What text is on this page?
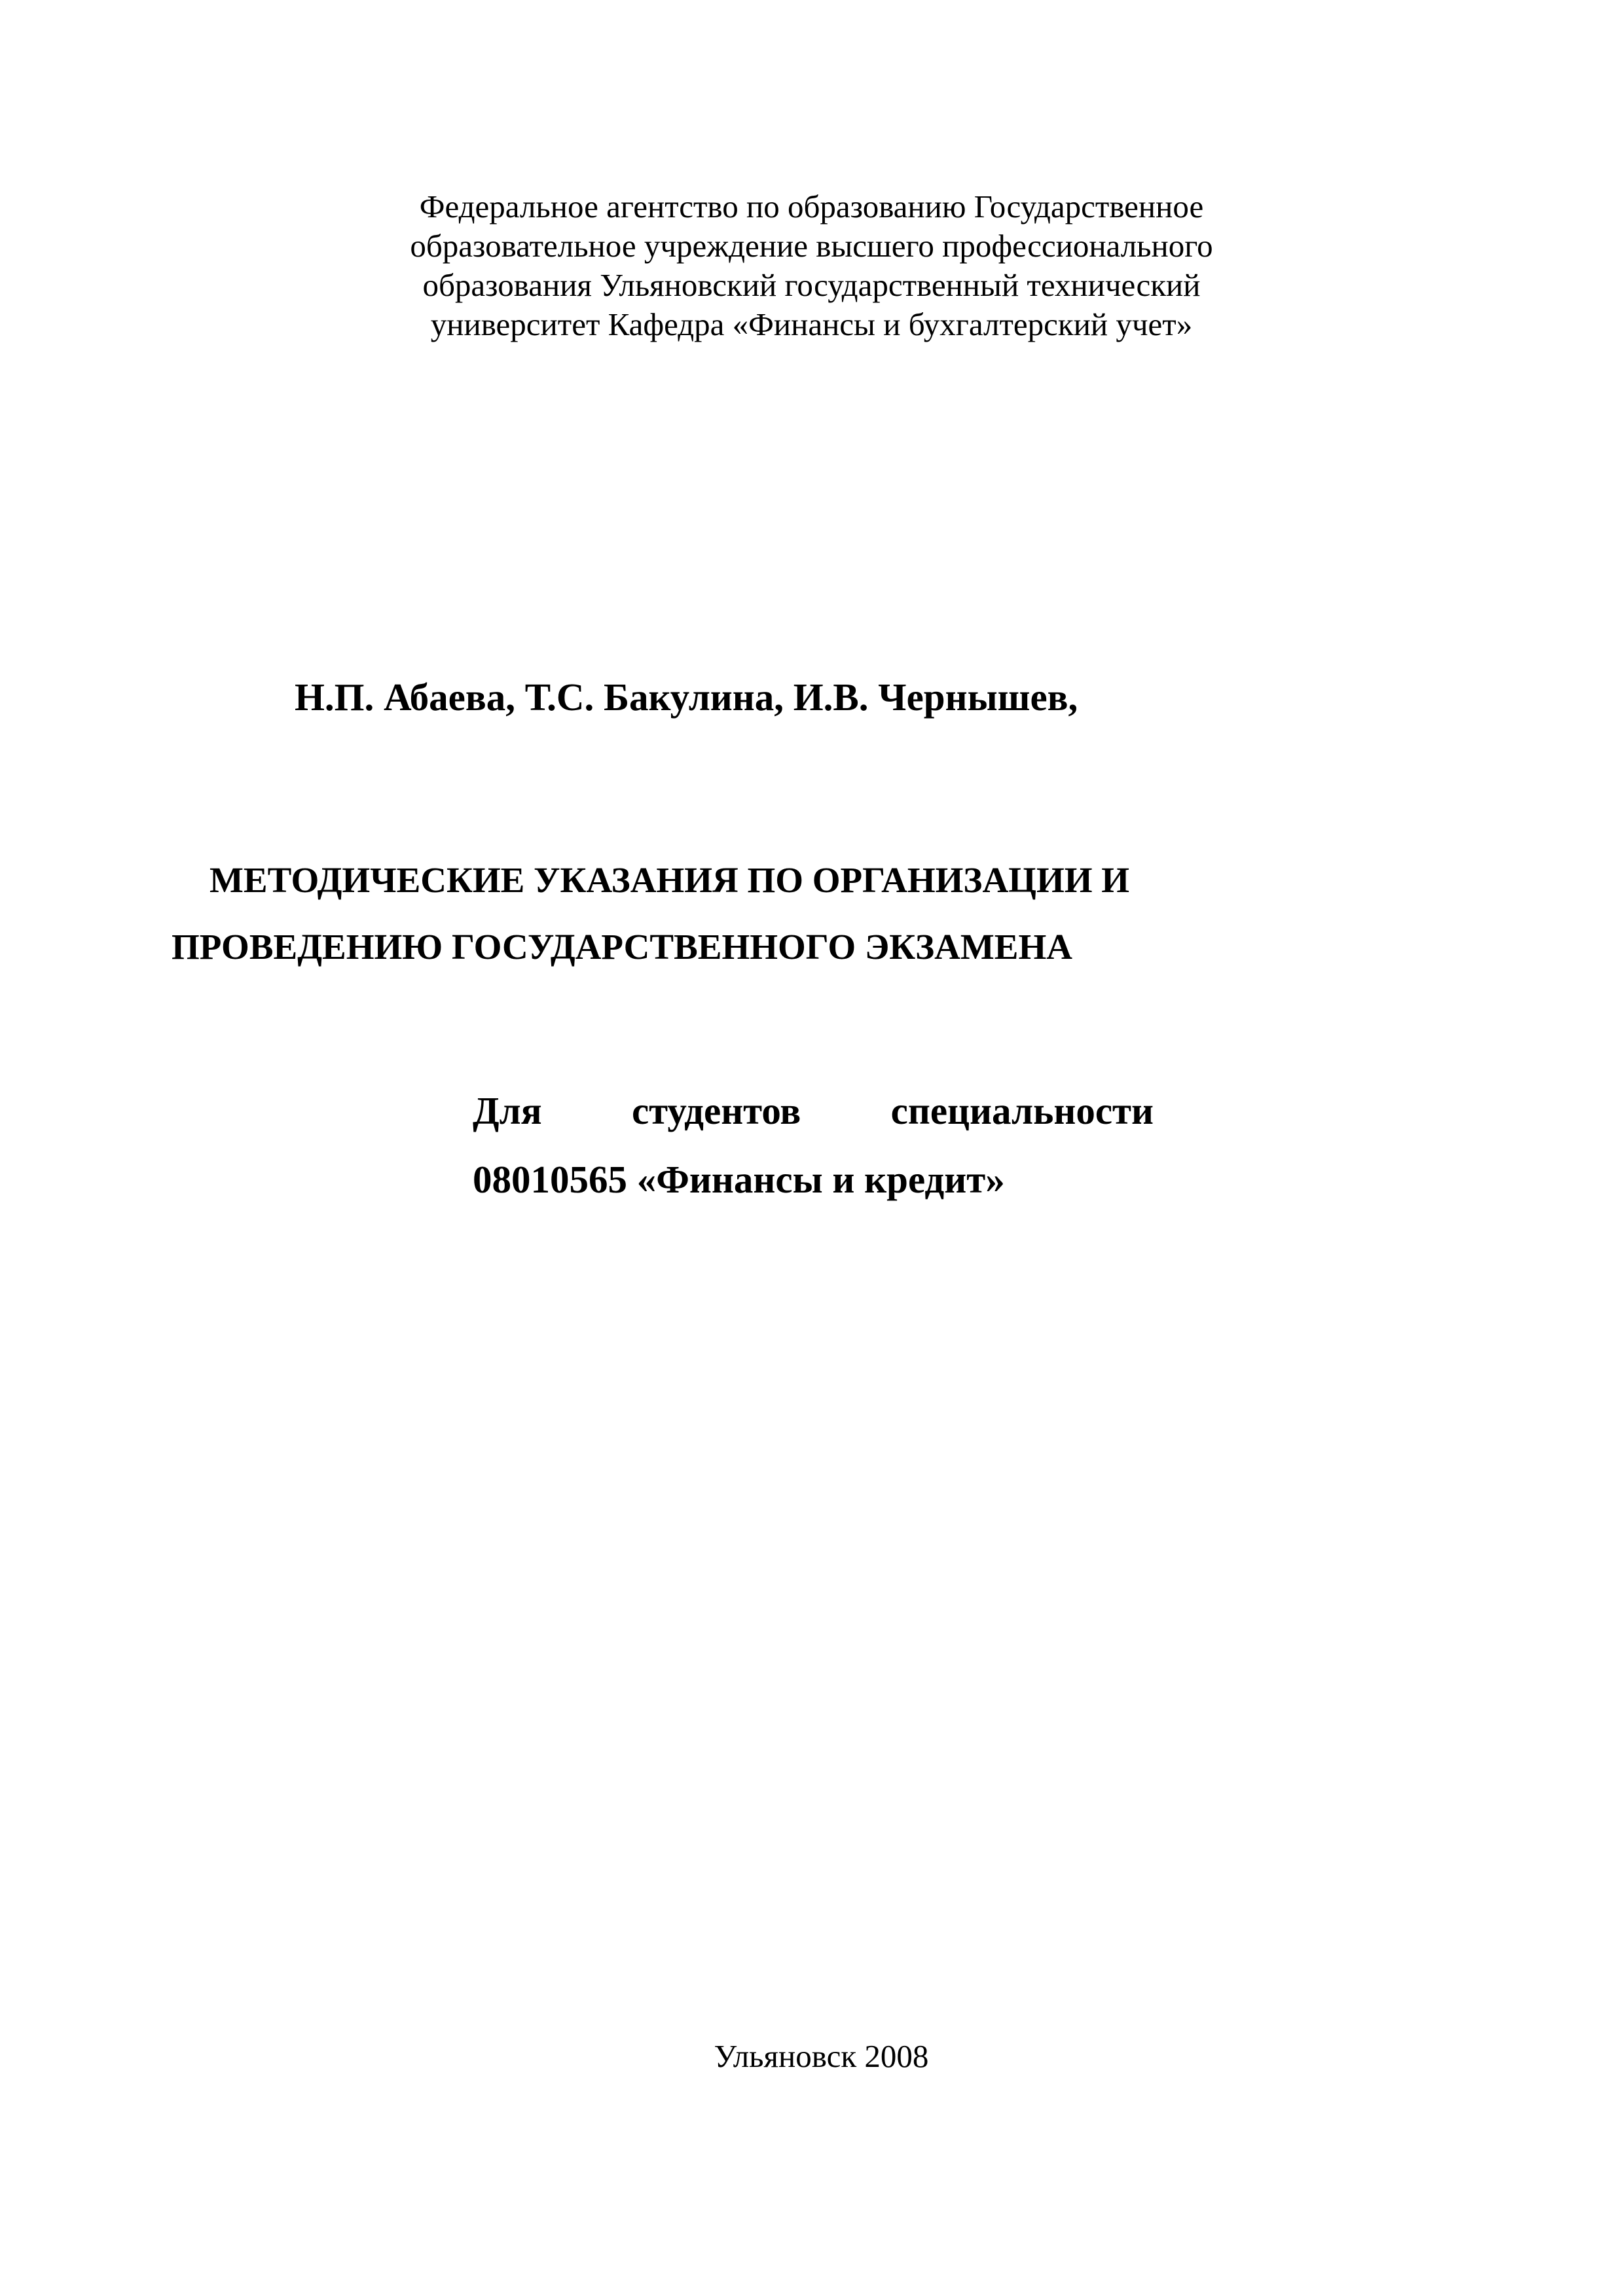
Федеральное агентство по образованию Государственное
образовательное учреждение высшего профессионального
образования Ульяновский государственный технический
университет Кафедра «Финансы и бухгалтерский учет»
Н.П. Абаева, Т.С. Бакулина, И.В. Чернышев,
МЕТОДИЧЕСКИЕ УКАЗАНИЯ ПО ОРГАНИЗАЦИИ И
ПРОВЕДЕНИЮ ГОСУДАРСТВЕННОГО ЭКЗАМЕНА
Для студентов специальности
08010565 «Финансы и кредит»
Ульяновск 2008
